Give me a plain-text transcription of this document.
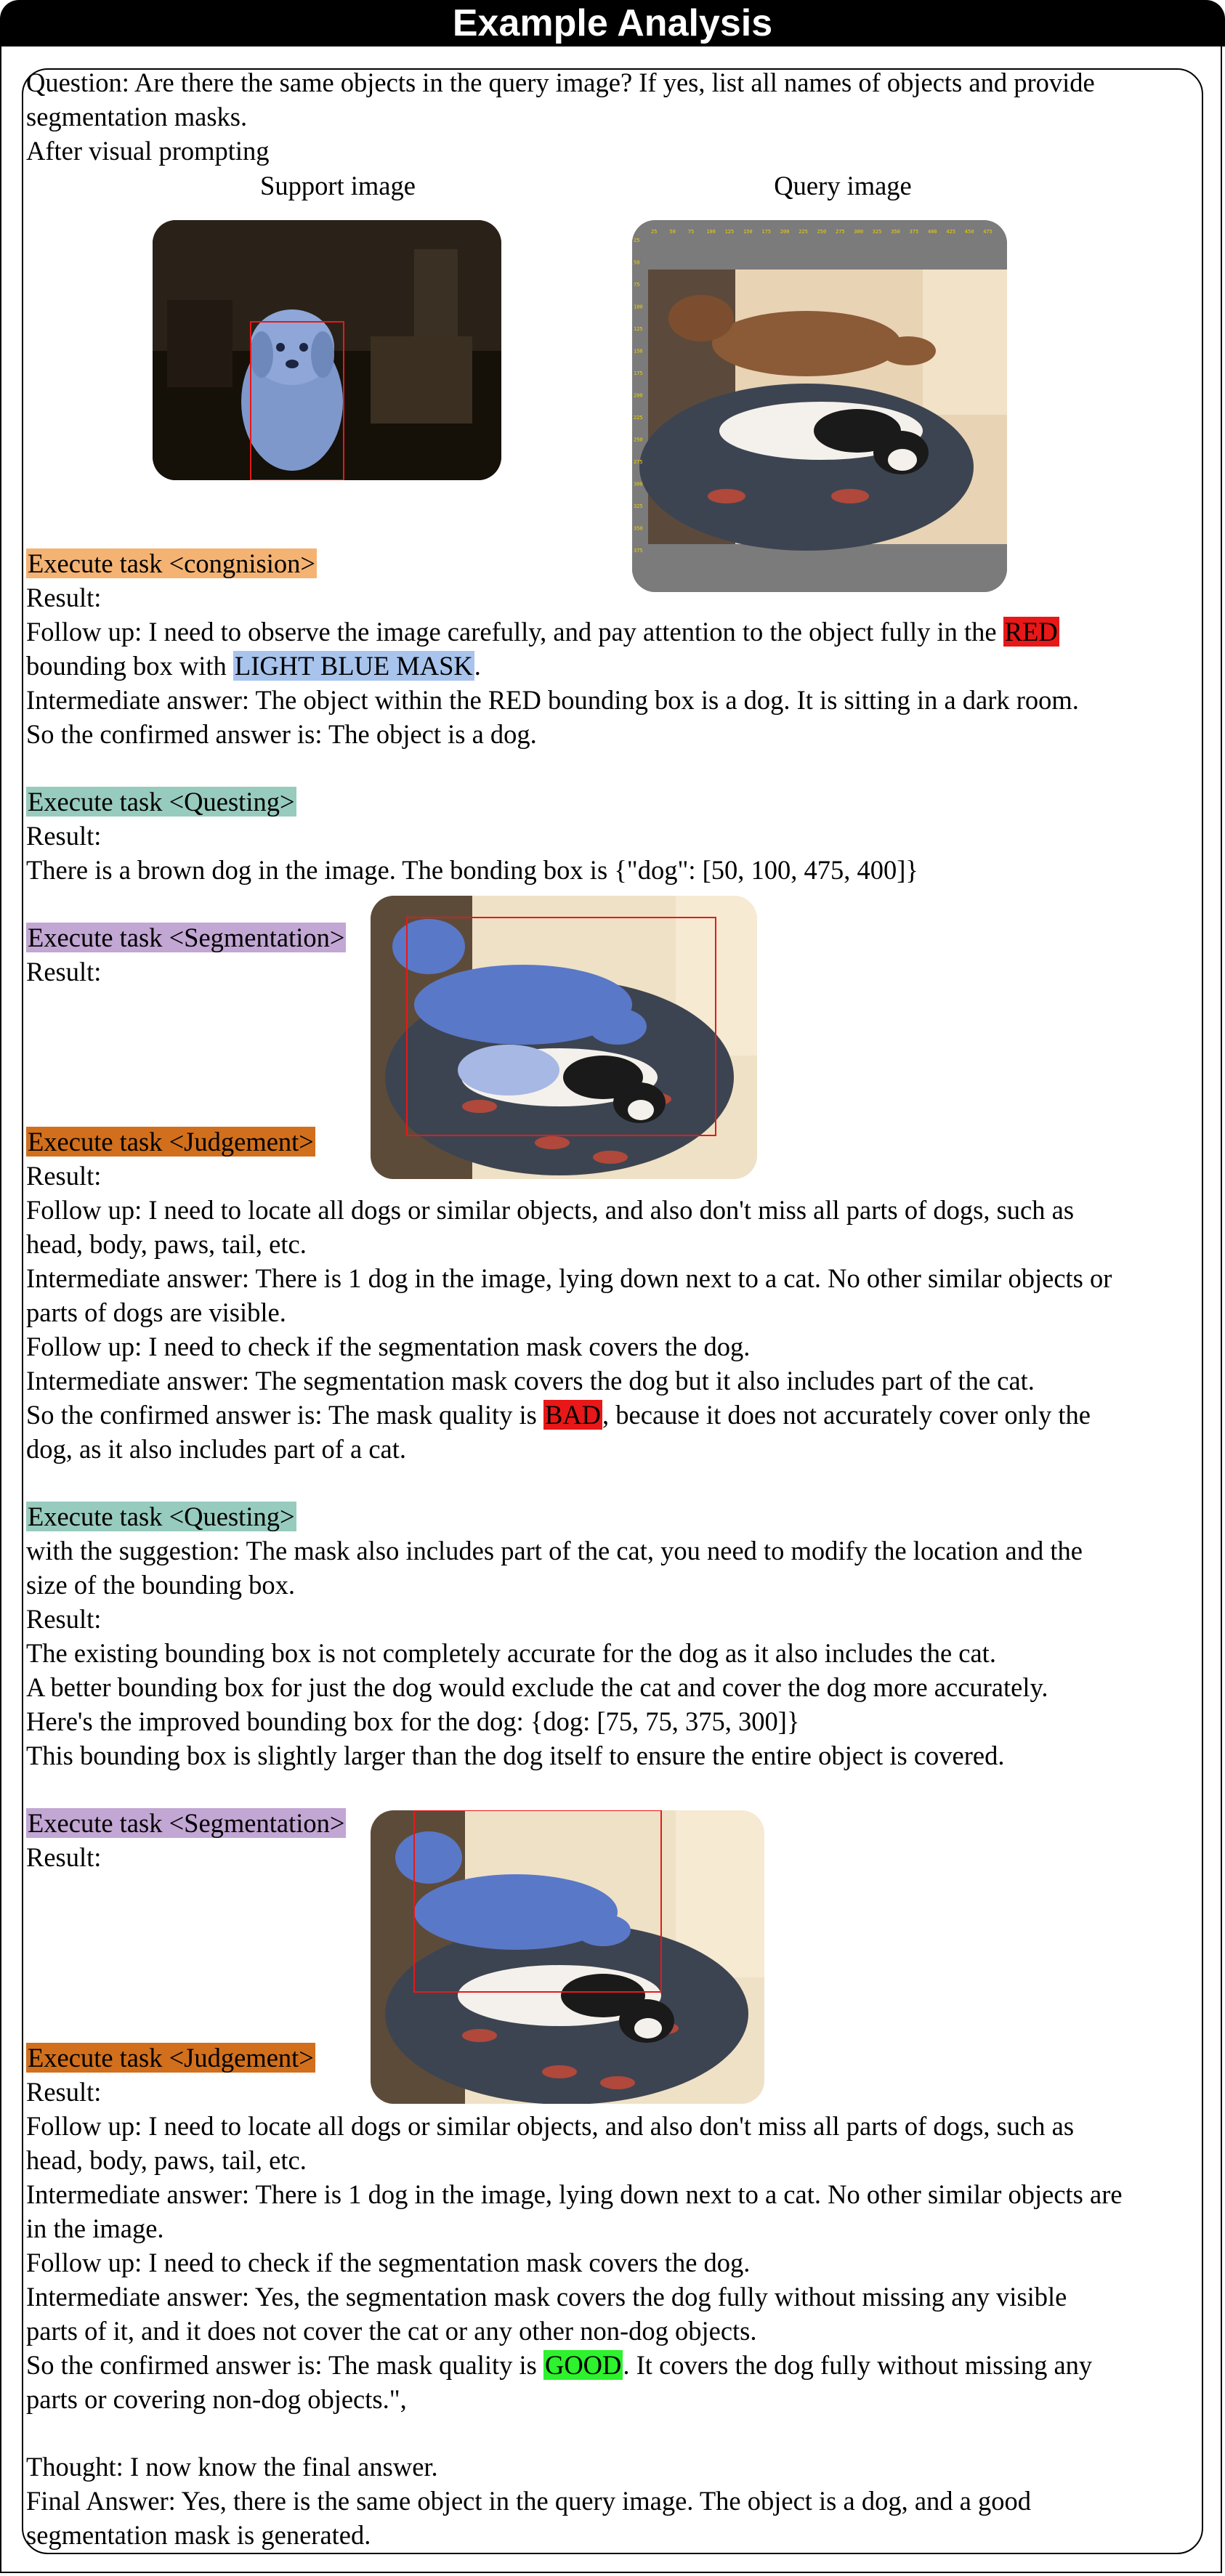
Example Analysis
Question: Are there the same objects in the query image? If yes, list all names of objects and provide
segmentation masks.
After visual prompting
Support image	Query image
25 50 75 100 125 150 175 200 225 250 275 300 325 350 375 400 425 450 475
25
50
75
100
125
150
175
200
225
250
275
300
325
350
375
Execute task <congnision>
Result:
Follow up: I need to observe the image carefully, and pay attention to the object fully in the RED
bounding box with LIGHT BLUE MASK.
Intermediate answer: The object within the RED bounding box is a dog. It is sitting in a dark room.
So the confirmed answer is: The object is a dog.
Execute task <Questing>
Result:
There is a brown dog in the image. The bonding box is {"dog": [50, 100, 475, 400]}
Execute task <Segmentation>
Result:
Execute task <Judgement>
Result:
Follow up: I need to locate all dogs or similar objects, and also don't miss all parts of dogs, such as
head, body, paws, tail, etc.
Intermediate answer: There is 1 dog in the image, lying down next to a cat. No other similar objects or
parts of dogs are visible.
Follow up: I need to check if the segmentation mask covers the dog.
Intermediate answer: The segmentation mask covers the dog but it also includes part of the cat.
So the confirmed answer is: The mask quality is BAD, because it does not accurately cover only the
dog, as it also includes part of a cat.
Execute task <Questing>
with the suggestion: The mask also includes part of the cat, you need to modify the location and the
size of the bounding box.
Result:
The existing bounding box is not completely accurate for the dog as it also includes the cat.
A better bounding box for just the dog would exclude the cat and cover the dog more accurately.
Here's the improved bounding box for the dog: {dog: [75, 75, 375, 300]}
This bounding box is slightly larger than the dog itself to ensure the entire object is covered.
Execute task <Segmentation>
Result:
Execute task <Judgement>
Result:
Follow up: I need to locate all dogs or similar objects, and also don't miss all parts of dogs, such as
head, body, paws, tail, etc.
Intermediate answer: There is 1 dog in the image, lying down next to a cat. No other similar objects are
in the image.
Follow up: I need to check if the segmentation mask covers the dog.
Intermediate answer: Yes, the segmentation mask covers the dog fully without missing any visible
parts of it, and it does not cover the cat or any other non-dog objects.
So the confirmed answer is: The mask quality is GOOD. It covers the dog fully without missing any
parts or covering non-dog objects.",
Thought: I now know the final answer.
Final Answer: Yes, there is the same object in the query image. The object is a dog, and a good
segmentation mask is generated.
